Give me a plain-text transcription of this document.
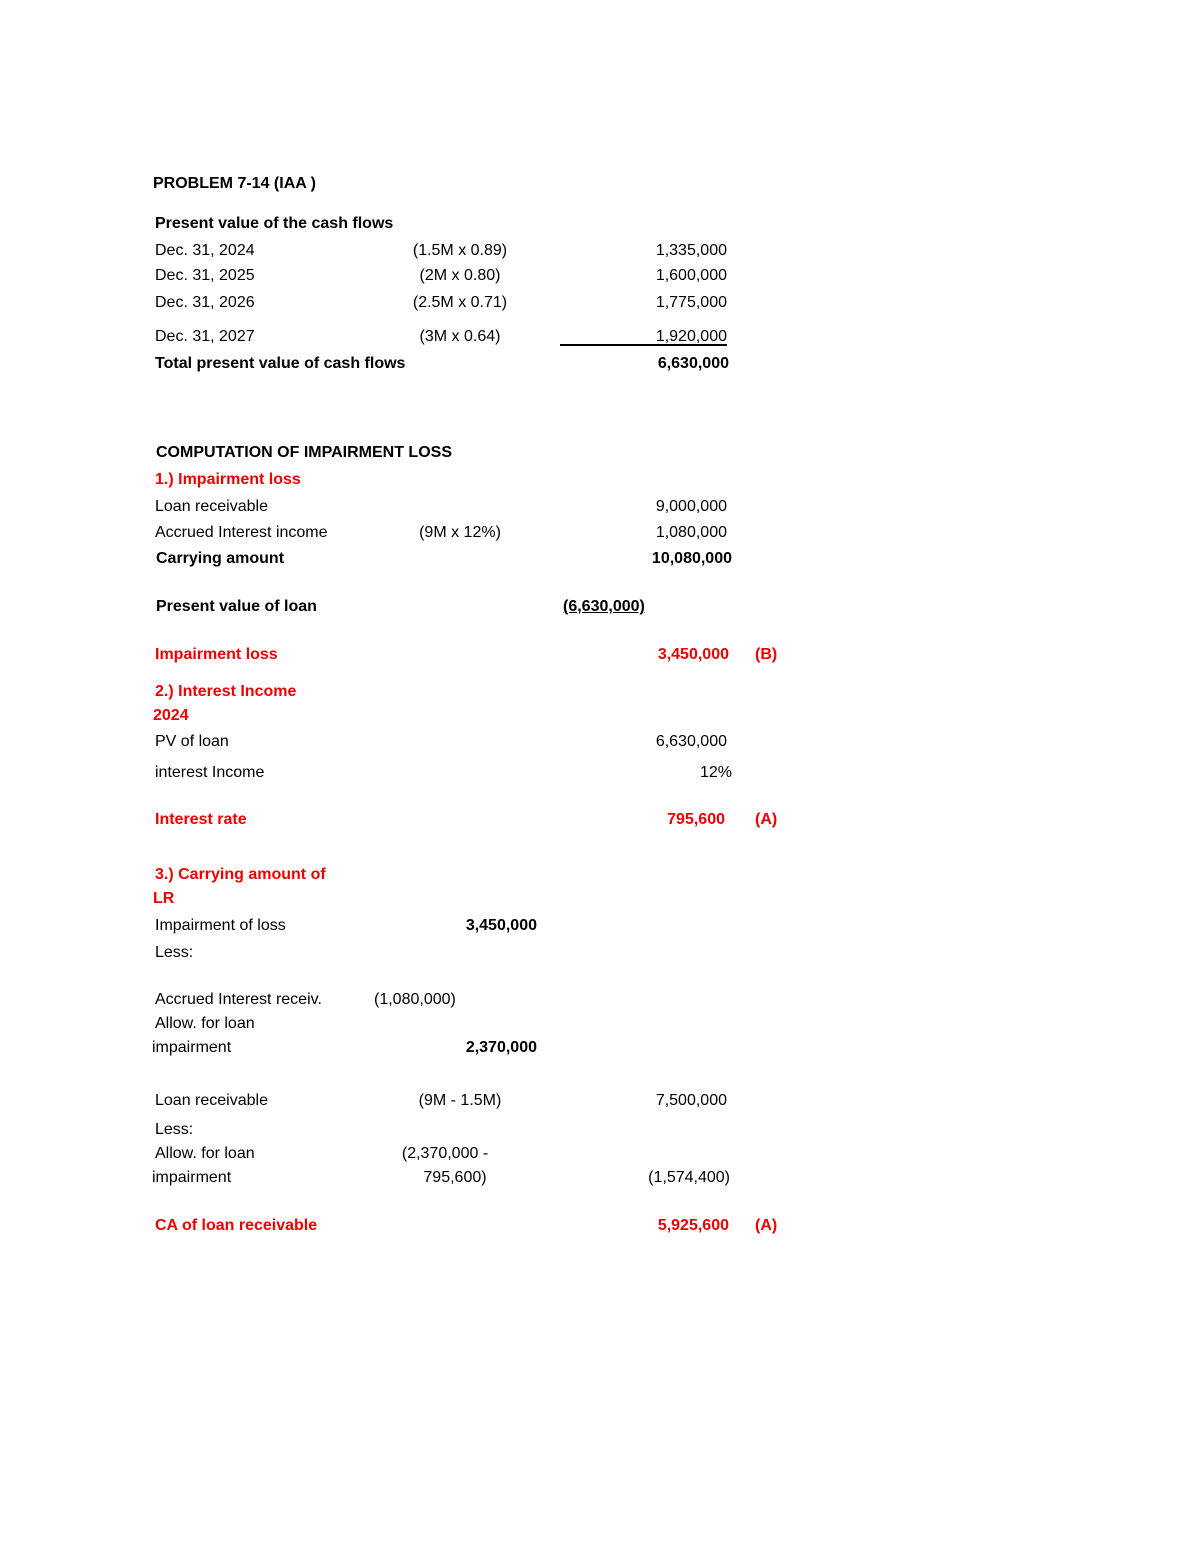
PROBLEM 7-14 (IAA )
Present value of the cash flows
Dec. 31, 2024	(1.5M x 0.89)	1,335,000
Dec. 31, 2025	(2M x 0.80)	1,600,000
Dec. 31, 2026	(2.5M x 0.71)	1,775,000
Dec. 31, 2027	(3M x 0.64)	1,920,000
Total present value of cash flows	6,630,000
COMPUTATION OF IMPAIRMENT LOSS
1.) Impairment loss
Loan receivable	9,000,000
Accrued Interest income	(9M x 12%)	1,080,000
Carrying amount	10,080,000
Present value of loan	(6,630,000)
Impairment loss	3,450,000 (B)
2.) Interest Income
2024
PV of loan	6,630,000
interest Income	12%
Interest rate	795,600 (A)
3.) Carrying amount of
LR
Impairment of loss	3,450,000
Less:
Accrued Interest receiv.	(1,080,000)
Allow. for loan
impairment	2,370,000
Loan receivable	(9M - 1.5M)	7,500,000
Less:
Allow. for loan	(2,370,000 -
impairment	795,600)	(1,574,400)
CA of loan receivable	5,925,600 (A)
